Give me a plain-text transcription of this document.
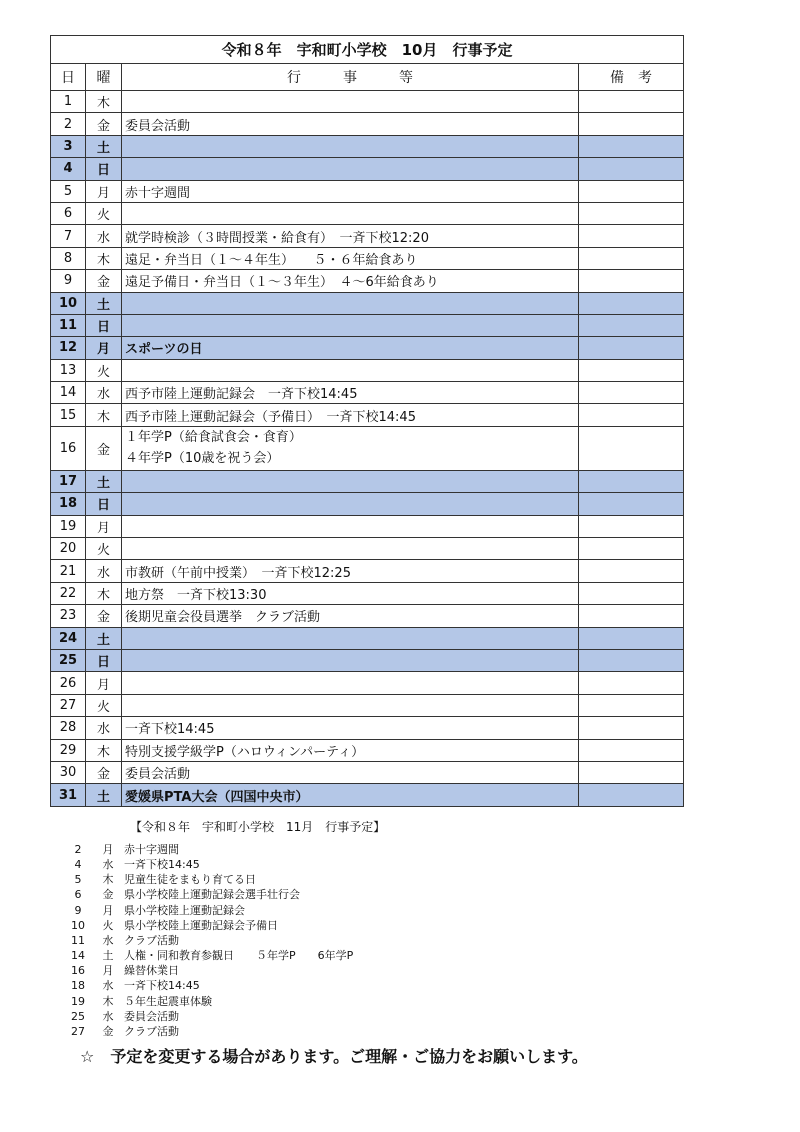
令和８年　宇和町小学校　10月　行事予定			
日	曜	行　　　事　　　等	備　考
1	木	

2	金	委員会活動	

3	土	

4	日	

5	月	赤十字週間	

6	火	

7	水	就学時検診（３時間授業・給食有）　一斉下校12:20	

8	木	遠足・弁当日（１～４年生）　　５・６年給食あり	

9	金	遠足予備日・弁当日（１～３年生）　４～6年給食あり	

10	土	

11	日	

12	月	スポーツの日	

13	火	

14	水	西予市陸上運動記録会　一斉下校14:45	

15	木	西予市陸上運動記録会（予備日）　一斉下校14:45	

16	金	１年学P（給食試食会・食育）
４年学P（10歳を祝う会）	

17	土	

18	日	

19	月	

20	火	

21	水	市教研（午前中授業）　一斉下校12:25	

22	木	地方祭　一斉下校13:30	

23	金	後期児童会役員選挙　クラブ活動	

24	土	

25	日	

26	月	

27	火	

28	水	一斉下校14:45	

29	木	特別支援学級学P（ハロウィンパーティ）	

30	金	委員会活動	

31	土	愛媛県PTA大会（四国中央市）	

【令和８年　宇和町小学校　11月　行事予定】
2 月 赤十字週間
4 水 一斉下校14:45
5 木 児童生徒をまもり育てる日
6 金 県小学校陸上運動記録会選手壮行会
9 月 県小学校陸上運動記録会
10 火 県小学校陸上運動記録会予備日
11 水 クラブ活動
14 土 人権・同和教育参観日　　５年学P　　6年学P
16 月 繰替休業日
18 水 一斉下校14:45
19 木 ５年生起震車体験
25 水 委員会活動
27 金 クラブ活動
☆　予定を変更する場合があります。ご理解・ご協力をお願いします。
